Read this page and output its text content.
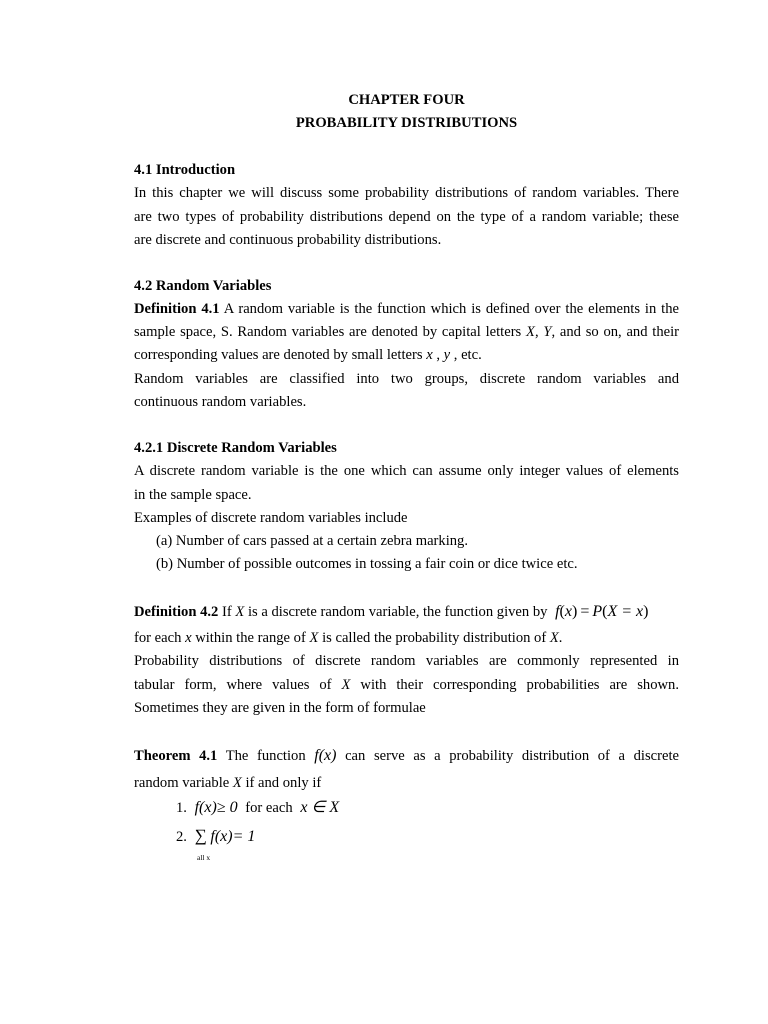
CHAPTER FOUR
PROBABILITY DISTRIBUTIONS
4.1 Introduction
In this chapter we will discuss some probability distributions of random variables. There
are two types of probability distributions depend on the type of a random variable; these
are discrete and continuous probability distributions.
4.2 Random Variables
Definition 4.1 A random variable is the function which is defined over the elements in the
sample space, S. Random variables are denoted by capital letters X, Y, and so on, and their
corresponding values are denoted by small letters x , y , etc.
Random variables are classified into two groups, discrete random variables and
continuous random variables.
4.2.1 Discrete Random Variables
A discrete random variable is the one which can assume only integer values of elements
in the sample space.
Examples of discrete random variables include
(a) Number of cars passed at a certain zebra marking.
(b) Number of possible outcomes in tossing a fair coin or dice twice etc.
Definition 4.2 If X is a discrete random variable, the function given by f(x) = P(X = x)
for each x within the range of X is called the probability distribution of X.
Probability distributions of discrete random variables are commonly represented in
tabular form, where values of X with their corresponding probabilities are shown.
Sometimes they are given in the form of formulae
Theorem 4.1 The function f(x) can serve as a probability distribution of a discrete
random variable X if and only if
1. f(x)≥ 0 for each x ∈ X
2. ∑ f(x)= 1
all x
